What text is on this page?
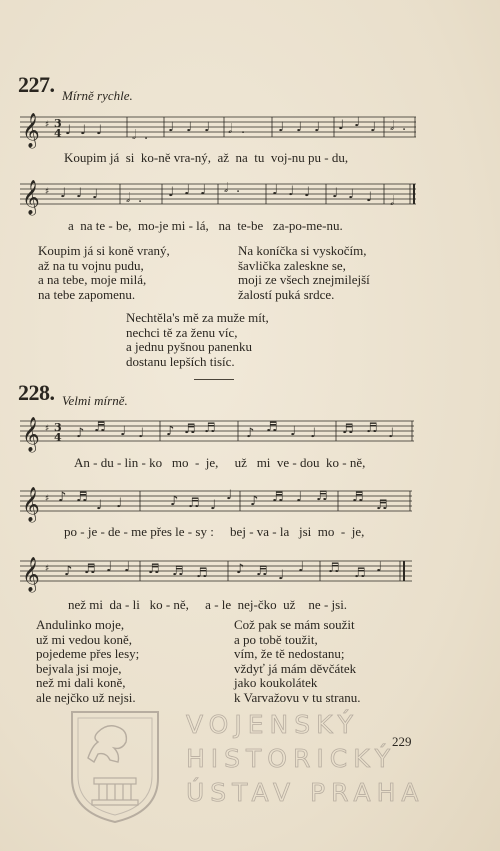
227. Mírně rychle.
𝄞 ♯ 3
4 ♩ ♩ ♩ 𝅗𝅥 .
♩ ♩ ♩ 𝅗𝅥 .	♩ ♩ ♩ ♩ ♩ ♩ 𝅗𝅥 .
Koupim já  si  ko-ně vra-ný,  až  na  tu  voj-nu pu - du,
𝄞 ♯ ♩ ♩ ♩ 𝅗𝅥 . ♩ ♩ ♩ 𝅗𝅥 . ♩ ♩ ♩ ♩ ♩ ♩ 𝅗𝅥
a  na te - be,  mo-je mi - lá,   na  te-be   za-po-me-nu.
Koupim já si koně vraný,
až na tu vojnu pudu,
a na tebe, moje milá,
na tebe zapomenu.
Na koníčka si vyskočím,
šavlička zaleskne se,
moji ze všech znejmilejší
žalostí puká srdce.
Nechtěla's mě za muže mít,
nechci tě za ženu víc,
a jednu pyšnou panenku
dostanu lepších tisíc.
228. Velmi mírně.
𝄞 ♯ 3
4 ♪ ♬ ♩ ♩ ♪ ♬ ♬ ♪ ♬ ♩ ♩ ♬ ♬ ♩
An - du - lin - ko   mo  -  je,     už   mi  ve - dou  ko - ně,
𝄞 ♯ ♪ ♬
♩ ♩	♪ ♬ ♩
♩ ♪ ♬ ♩ ♬ ♬
♬
po - je - de - me přes le - sy :     bej - va - la   jsi  mo  -  je,
𝄞 ♯ ♪ ♬ ♩ ♩ ♬ ♬ ♬ ♪ ♬ ♩
♩ ♬ ♬ ♩
než mi  da - li   ko - ně,     a - le  nej-čko  už    ne - jsi.
Andulinko moje,
už mi vedou koně,
pojedeme přes lesy;
bejvala jsi moje,
než mi dali koně,
ale nejčko už nejsi.
Což pak se mám soužit
a po tobě toužit,
vím, že tě nedostanu;
vždyť já mám děvčátek
jako koukolátek
k Varvažovu v tu stranu.
229
VOJENSKÝ
HISTORICKÝ
ÚSTAV PRAHA
